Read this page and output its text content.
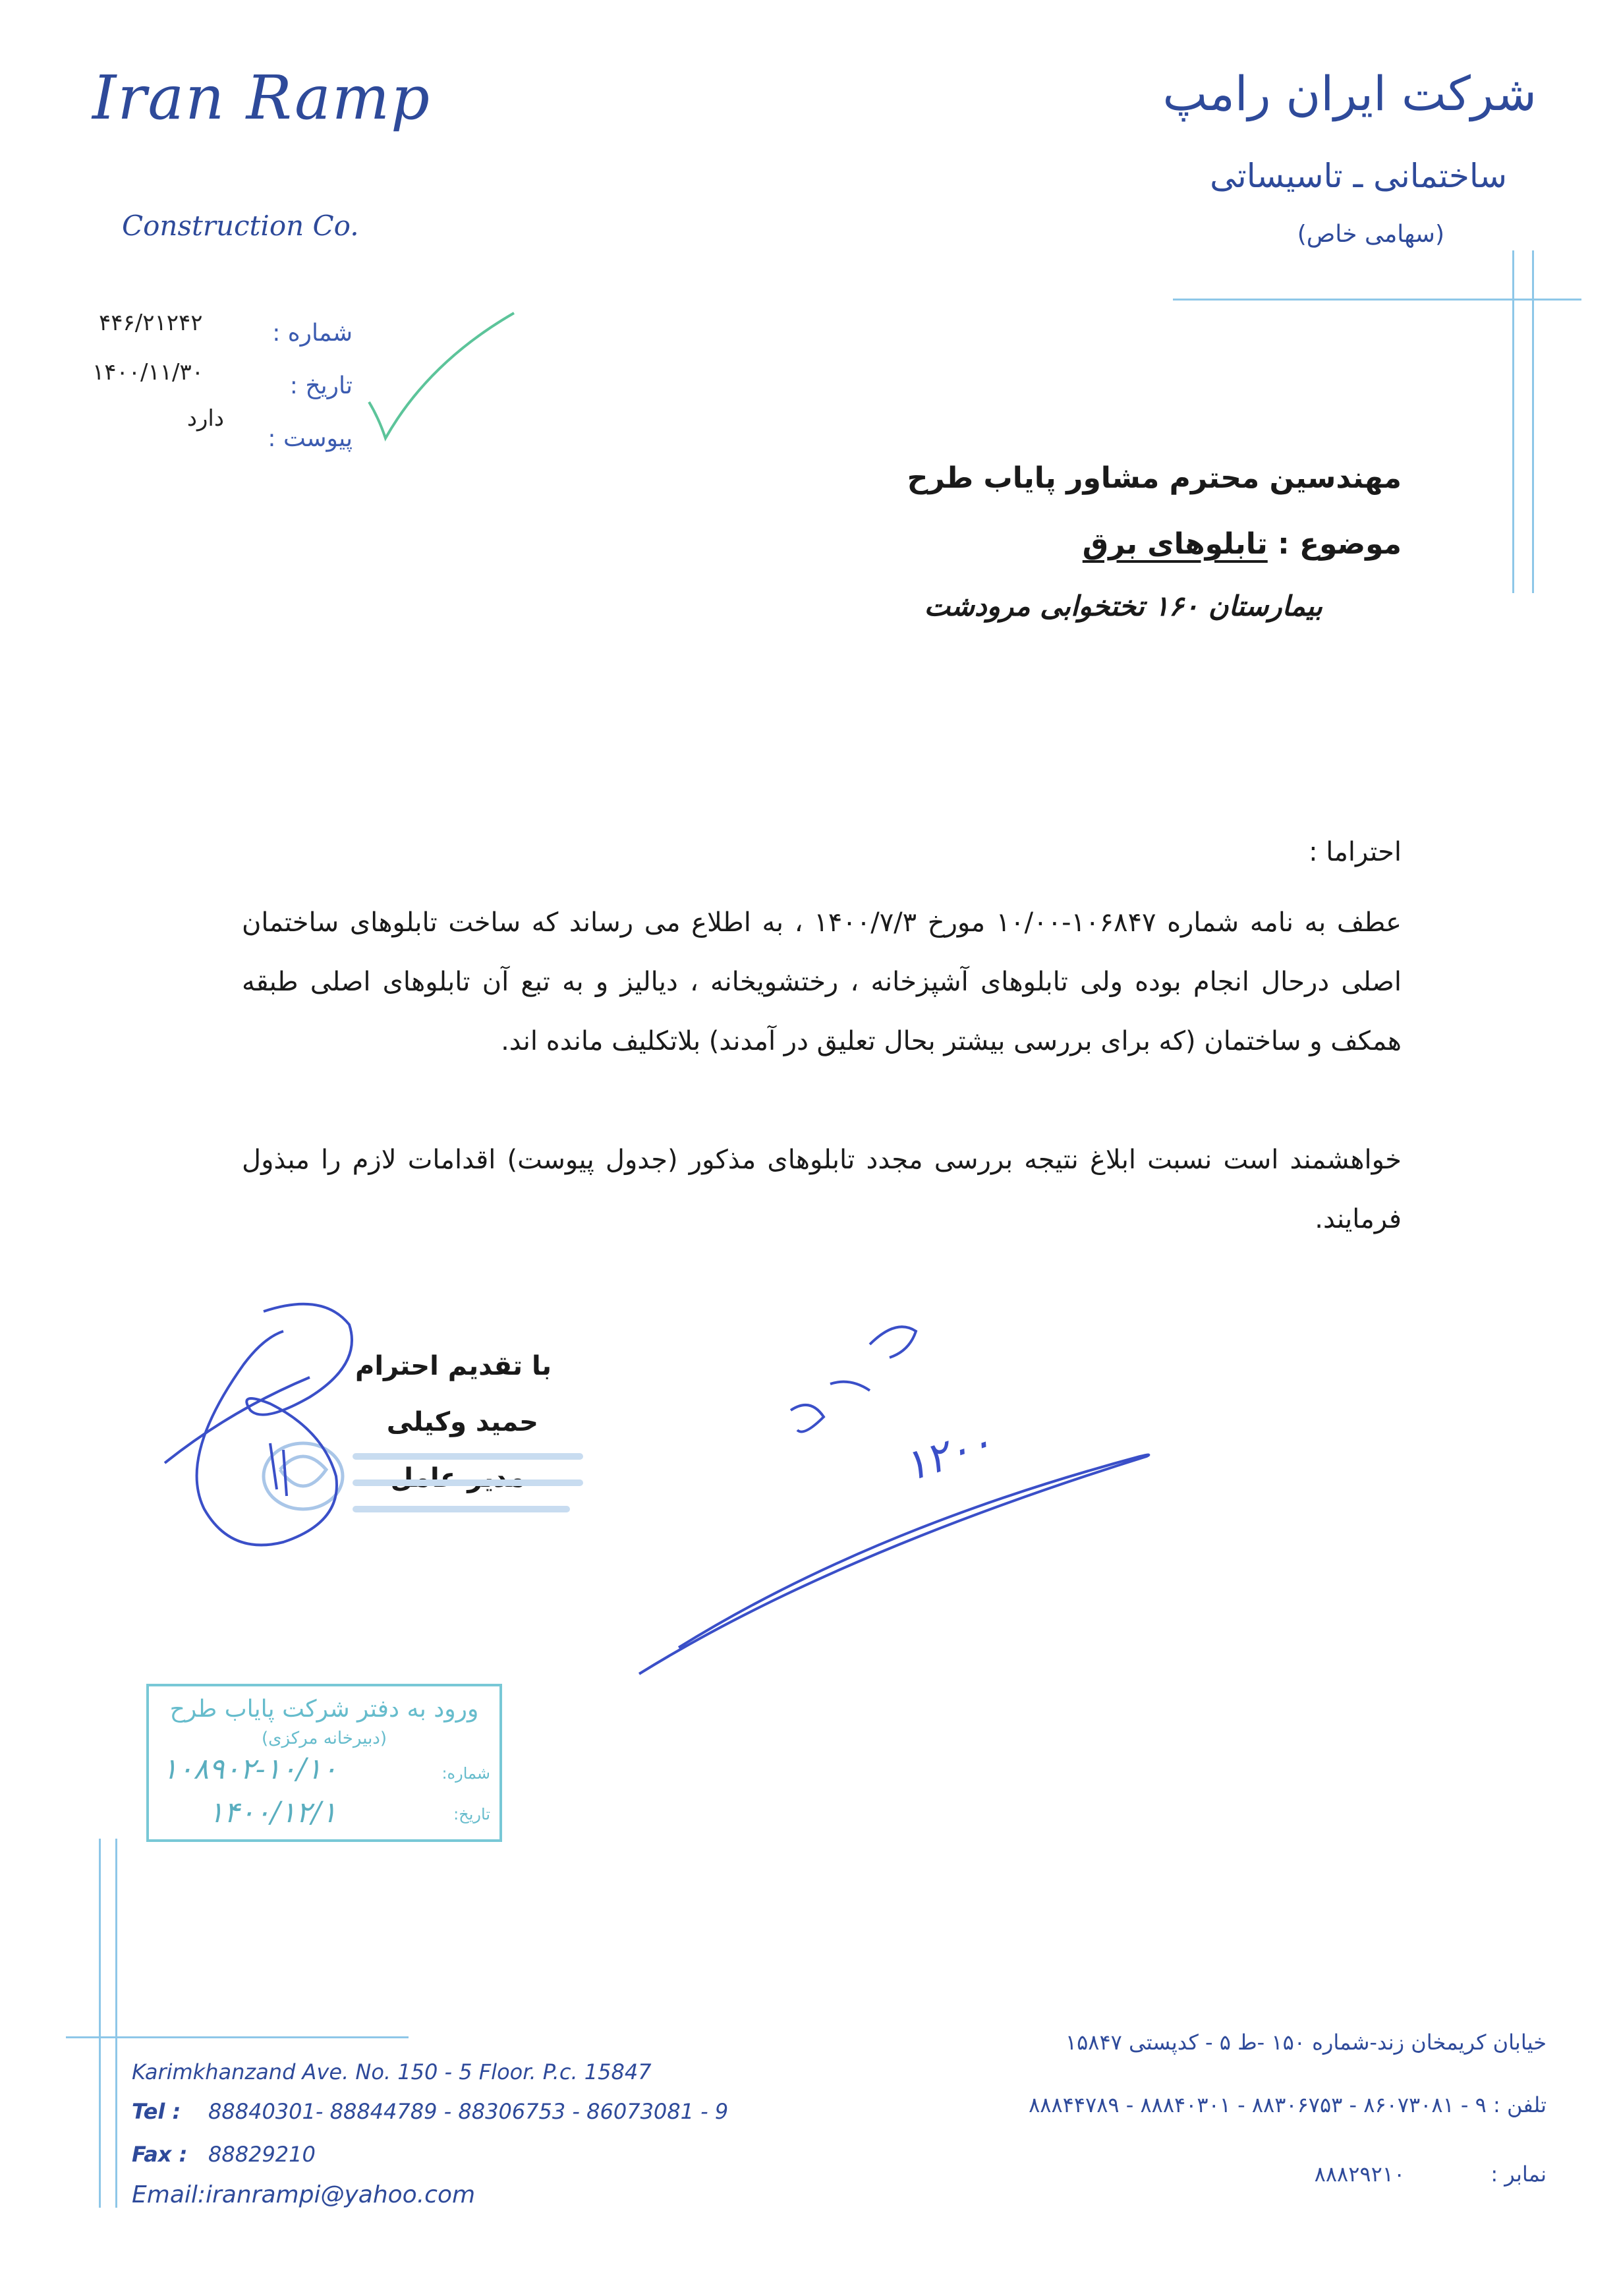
Iran Ramp
Construction Co.
شرکت ایران رامپ
ساختمانی ـ تاسیساتی
(سهامی خاص)
شماره :
۴۴۶/۲۱۲۴۲
تاریخ :
۱۴۰۰/۱۱/۳۰
پیوست :
دارد
مهندسین محترم مشاور پایاب طرح
موضوع : تابلوهای برق
بیمارستان ۱۶۰ تختخوابی مرودشت
احتراما :
عطف به نامه شماره ۱۰۶۸۴۷-۱۰/۰۰ مورخ ۱۴۰۰/۷/۳ ، به اطلاع می رساند که ساخت تابلوهای ساختمان اصلی درحال انجام بوده ولی تابلوهای آشپزخانه ، رختشویخانه ، دیالیز و به تبع آن تابلوهای اصلی طبقه همکف و ساختمان (که برای بررسی بیشتر بحال تعلیق در آمدند) بلاتکلیف مانده اند.
خواهشمند است نسبت ابلاغ نتیجه بررسی مجدد تابلوهای مذکور (جدول پیوست) اقدامات لازم را مبذول فرمایند.
با تقدیم احترام
حمید وکیلی
مدیر عامل	۱۲۰۰
ورود به دفتر شرکت پایاب طرح
(دبیرخانه مرکزی)
شماره:
۱۰۸۹۰۲-۱۰/۱۰
تاریخ:
۱۴۰۰/۱۲/۱
Karimkhanzand Ave. No. 150 - 5 Floor. P.c. 15847
Tel : 88840301- 88844789 - 88306753 - 86073081 - 9
Fax : 88829210
Email:iranrampi@yahoo.com
خیابان کریمخان زند-شماره ۱۵۰ -ط ۵ - کدپستی ۱۵۸۴۷
تلفن : ۹ - ۸۶۰۷۳۰۸۱ - ۸۸۳۰۶۷۵۳ - ۸۸۸۴۰۳۰۱ - ۸۸۸۴۴۷۸۹
نمابر : ۸۸۸۲۹۲۱۰
